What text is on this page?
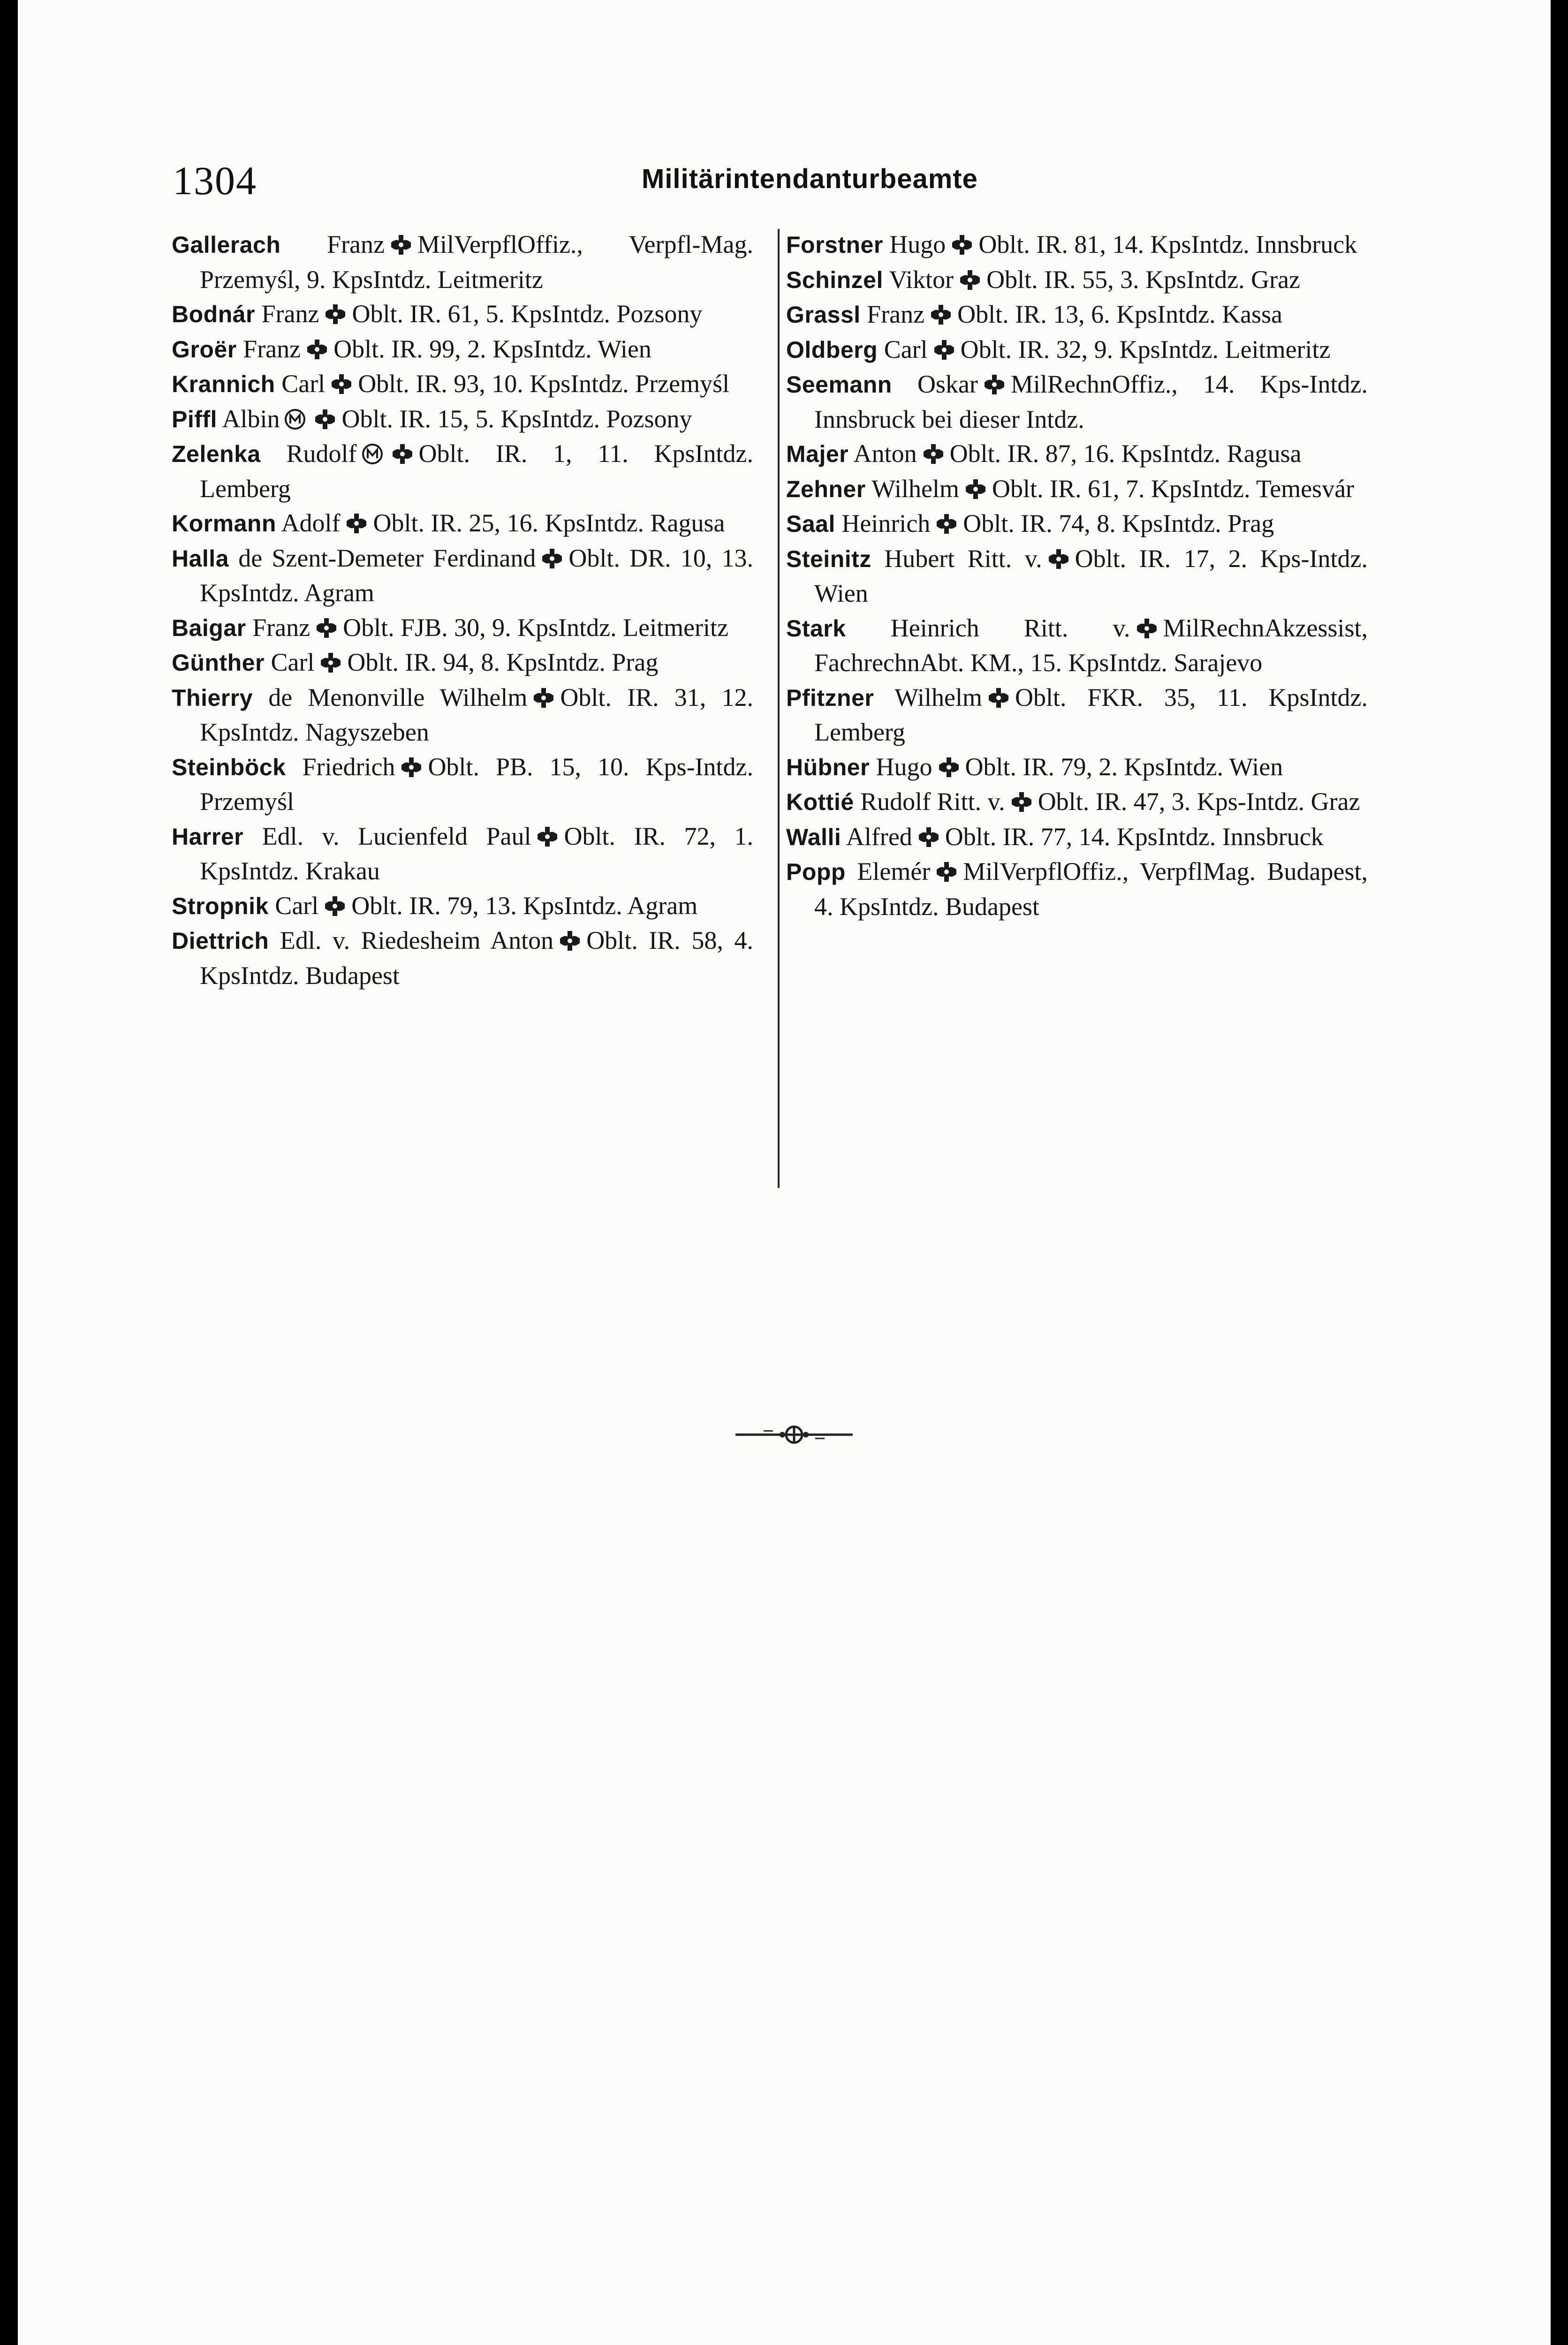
1304	Militärintendanturbeamte
Gallerach Franz MilVerpflOffiz., Verpfl-Mag. Przemyśl, 9. KpsIntdz. Leitmeritz
Bodnár Franz Oblt. IR. 61, 5. KpsIntdz. Pozsony
Groër Franz Oblt. IR. 99, 2. KpsIntdz. Wien
Krannich Carl Oblt. IR. 93, 10. KpsIntdz. Przemyśl
Piffl Albin Oblt. IR. 15, 5. KpsIntdz. Pozsony
Zelenka Rudolf Oblt. IR. 1, 11. KpsIntdz. Lemberg
Kormann Adolf Oblt. IR. 25, 16. KpsIntdz. Ragusa
Halla de Szent-Demeter Ferdinand Oblt. DR. 10, 13. KpsIntdz. Agram
Baigar Franz Oblt. FJB. 30, 9. KpsIntdz. Leitmeritz
Günther Carl Oblt. IR. 94, 8. KpsIntdz. Prag
Thierry de Menonville Wilhelm Oblt. IR. 31, 12. KpsIntdz. Nagyszeben
Steinböck Friedrich Oblt. PB. 15, 10. Kps-Intdz. Przemyśl
Harrer Edl. v. Lucienfeld Paul Oblt. IR. 72, 1. KpsIntdz. Krakau
Stropnik Carl Oblt. IR. 79, 13. KpsIntdz. Agram
Diettrich Edl. v. Riedesheim Anton Oblt. IR. 58, 4. KpsIntdz. Budapest
Forstner Hugo Oblt. IR. 81, 14. KpsIntdz. Innsbruck
Schinzel Viktor Oblt. IR. 55, 3. KpsIntdz. Graz
Grassl Franz Oblt. IR. 13, 6. KpsIntdz. Kassa
Oldberg Carl Oblt. IR. 32, 9. KpsIntdz. Leitmeritz
Seemann Oskar MilRechnOffiz., 14. Kps-Intdz. Innsbruck bei dieser Intdz.
Majer Anton Oblt. IR. 87, 16. KpsIntdz. Ragusa
Zehner Wilhelm Oblt. IR. 61, 7. KpsIntdz. Temesvár
Saal Heinrich Oblt. IR. 74, 8. KpsIntdz. Prag
Steinitz Hubert Ritt. v. Oblt. IR. 17, 2. Kps-Intdz. Wien
Stark Heinrich Ritt. v. MilRechnAkzessist, FachrechnAbt. KM., 15. KpsIntdz. Sarajevo
Pfitzner Wilhelm Oblt. FKR. 35, 11. KpsIntdz. Lemberg
Hübner Hugo Oblt. IR. 79, 2. KpsIntdz. Wien
Kottié Rudolf Ritt. v. Oblt. IR. 47, 3. Kps-Intdz. Graz
Walli Alfred Oblt. IR. 77, 14. KpsIntdz. Innsbruck
Popp Elemér MilVerpflOffiz., VerpflMag. Budapest, 4. KpsIntdz. Budapest
